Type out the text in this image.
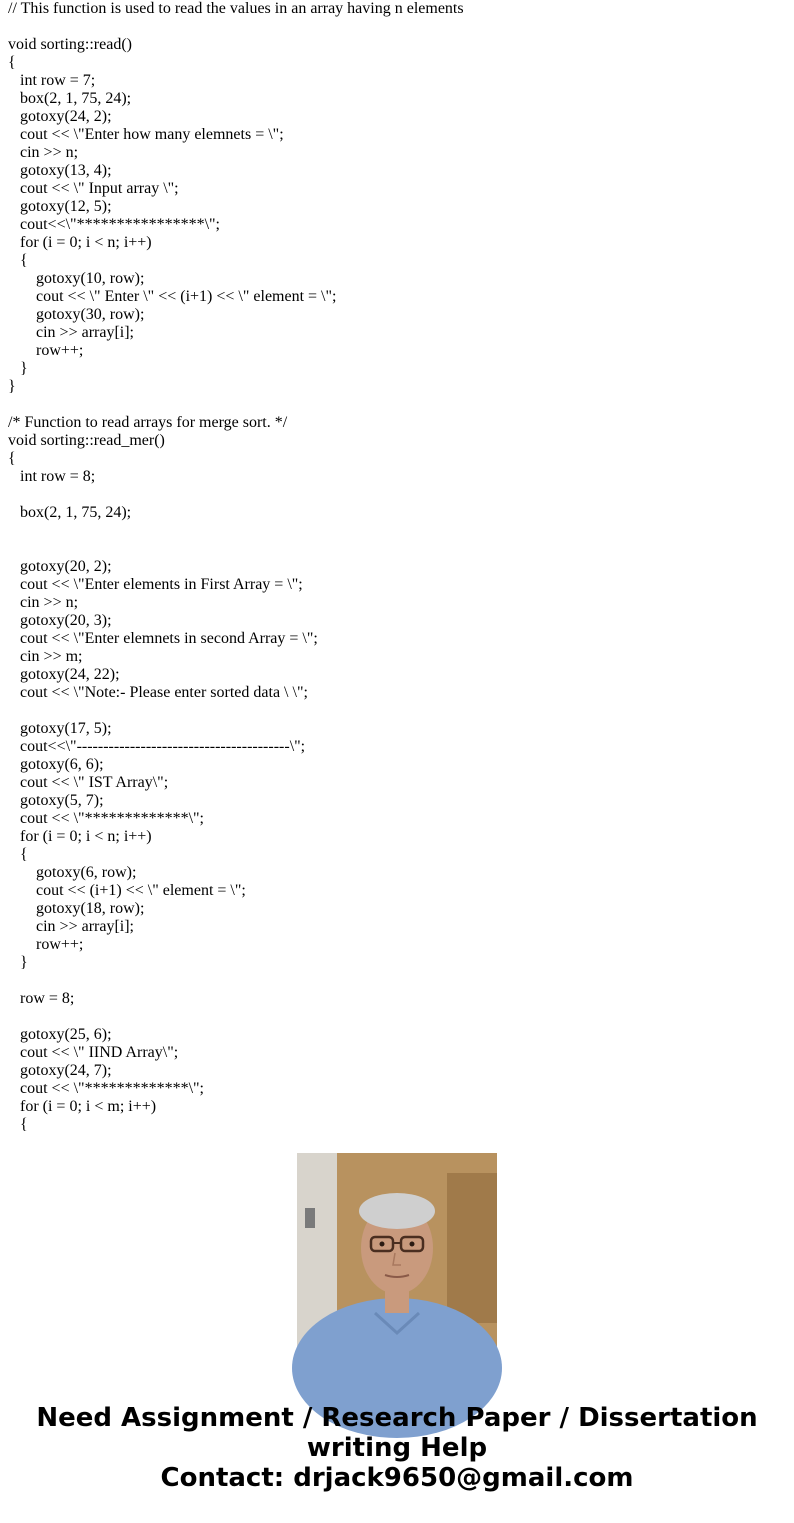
// This function is used to read the values in an array having n elements
void sorting::read()
{
int row = 7;
box(2, 1, 75, 24);
gotoxy(24, 2);
cout << \"Enter how many elemnets = \";
cin >> n;
gotoxy(13, 4);
cout << \" Input array \";
gotoxy(12, 5);
cout<<\"****************\";
for (i = 0; i < n; i++)
{
gotoxy(10, row);
cout << \" Enter \" << (i+1) << \" element = \";
gotoxy(30, row);
cin >> array[i];
row++;
}
}
/* Function to read arrays for merge sort. */
void sorting::read_mer()
{
int row = 8;
box(2, 1, 75, 24);
gotoxy(20, 2);
cout << \"Enter elements in First Array = \";
cin >> n;
gotoxy(20, 3);
cout << \"Enter elemnets in second Array = \";
cin >> m;
gotoxy(24, 22);
cout << \"Note:- Please enter sorted data \ \";
gotoxy(17, 5);
cout<<\"----------------------------------------\";
gotoxy(6, 6);
cout << \" IST Array\";
gotoxy(5, 7);
cout << \"*************\";
for (i = 0; i < n; i++)
{
gotoxy(6, row);
cout << (i+1) << \" element = \";
gotoxy(18, row);
cin >> array[i];
row++;
}
row = 8;
gotoxy(25, 6);
cout << \" IIND Array\";
gotoxy(24, 7);
cout << \"*************\";
for (i = 0; i < m; i++)
{
Need Assignment / Research Paper / Dissertation
writing Help
Contact: drjack9650@gmail.com
